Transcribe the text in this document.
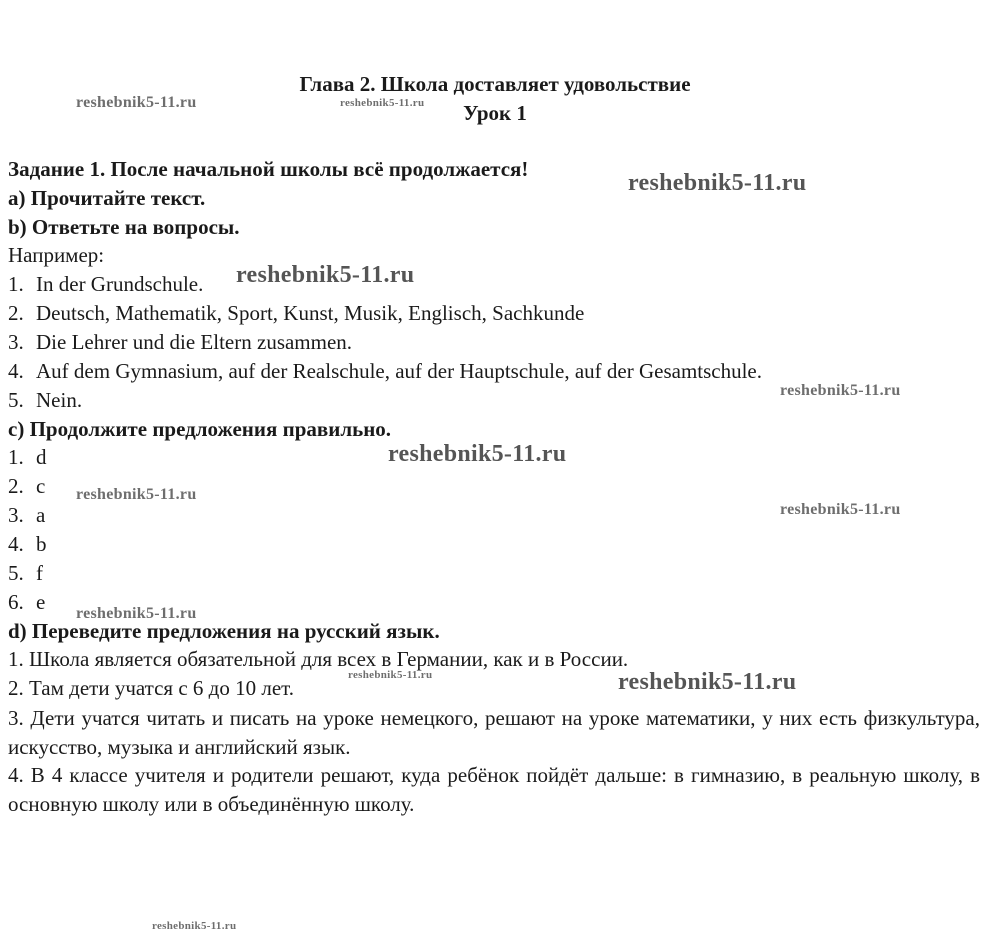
Глава 2. Школа доставляет удовольствие
Урок 1
Задание 1. После начальной школы всё продолжается!
a) Прочитайте текст.
b) Ответьте на вопросы.
Например:
1. In der Grundschule.
2. Deutsch, Mathematik, Sport, Kunst, Musik, Englisch, Sachkunde
3. Die Lehrer und die Eltern zusammen.
4. Auf dem Gymnasium, auf der Realschule, auf der Hauptschule, auf der Gesamtschule.
5. Nein.
c) Продолжите предложения правильно.
1. d
2. c
3. a
4. b
5. f
6. e
d) Переведите предложения на русский язык.
1. Школа является обязательной для всех в Германии, как и в России.
2. Там дети учатся с 6 до 10 лет.
3. Дети учатся читать и писать на уроке немецкого, решают на уроке математики, у них есть физкультура, искусство, музыка и английский язык.
4. В 4 классе учителя и родители решают, куда ребёнок пойдёт дальше: в гимназию, в реальную школу, в основную школу или в объединённую школу.
reshebnik5-11.ru	reshebnik5-11.ru
reshebnik5-11.ru
reshebnik5-11.ru
reshebnik5-11.ru
reshebnik5-11.ru
reshebnik5-11.ru
reshebnik5-11.ru
reshebnik5-11.ru
reshebnik5-11.ru	reshebnik5-11.ru
reshebnik5-11.ru
